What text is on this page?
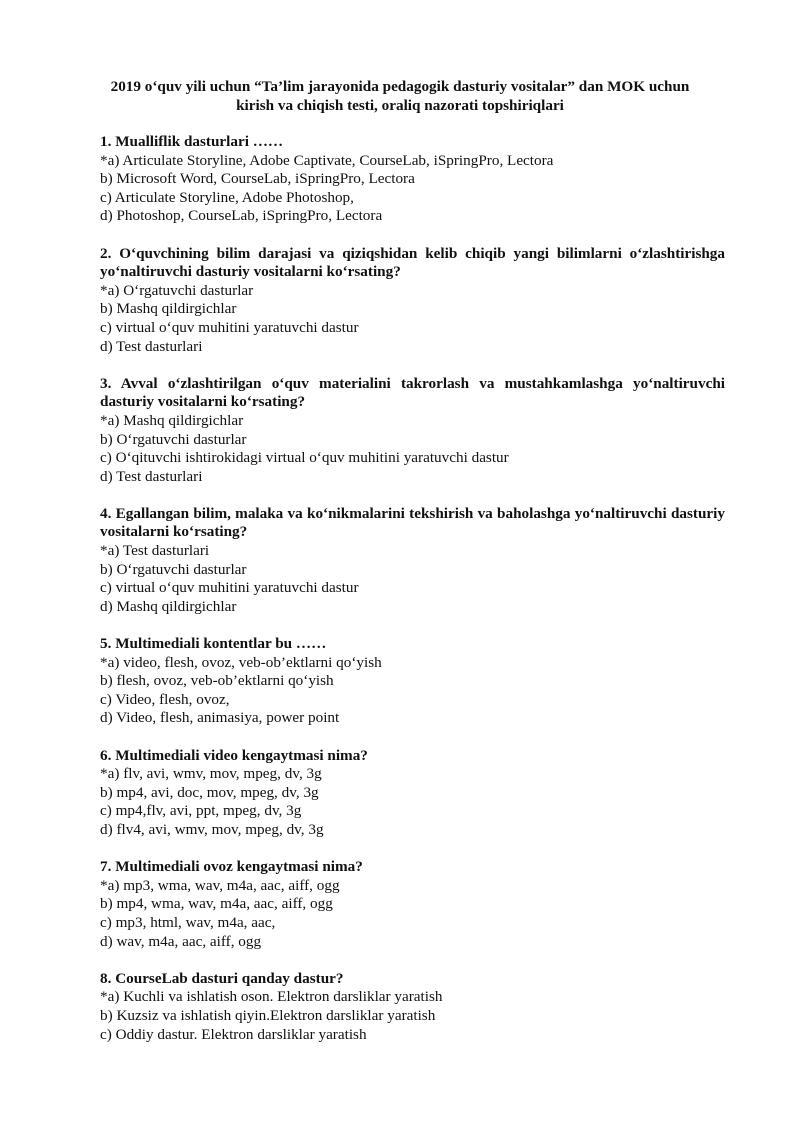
2019 o‘quv yili uchun “Ta’lim jarayonida pedagogik dasturiy vositalar” dan MOK uchun
kirish va chiqish testi, oraliq nazorati topshiriqlari
1. Mualliflik dasturlari ……
*a) Articulate Storyline, Adobe Captivate, CourseLab, iSpringPro, Lectora
b) Microsoft Word, CourseLab, iSpringPro, Lectora
c) Articulate Storyline, Adobe Photoshop,
d) Photoshop, CourseLab, iSpringPro, Lectora
2. O‘quvchining bilim darajasi va qiziqshidan kelib chiqib yangi bilimlarni o‘zlashtirishga yo‘naltiruvchi dasturiy vositalarni ko‘rsating?
*a) O‘rgatuvchi dasturlar
b) Mashq qildirgichlar
c) virtual o‘quv muhitini yaratuvchi dastur
d) Test dasturlari
3. Avval o‘zlashtirilgan o‘quv materialini takrorlash va mustahkamlashga yo‘naltiruvchi dasturiy vositalarni ko‘rsating?
*a) Mashq qildirgichlar
b) O‘rgatuvchi dasturlar
c) O‘qituvchi ishtirokidagi virtual o‘quv muhitini yaratuvchi dastur
d) Test dasturlari
4. Egallangan bilim, malaka va ko‘nikmalarini tekshirish va baholashga yo‘naltiruvchi dasturiy vositalarni ko‘rsating?
*a) Test dasturlari
b) O‘rgatuvchi dasturlar
c) virtual o‘quv muhitini yaratuvchi dastur
d) Mashq qildirgichlar
5. Multimediali kontentlar bu ……
*a) video, flesh, ovoz, veb-ob’ektlarni qo‘yish
b) flesh, ovoz, veb-ob’ektlarni qo‘yish
c) Video, flesh, ovoz,
d) Video, flesh, animasiya, power point
6. Multimediali video kengaytmasi nima?
*a) flv, avi, wmv, mov, mpeg, dv, 3g
b) mp4, avi, doc, mov, mpeg, dv, 3g
c) mp4,flv, avi, ppt, mpeg, dv, 3g
d) flv4, avi, wmv, mov, mpeg, dv, 3g
7. Multimediali ovoz kengaytmasi nima?
*a) mp3, wma, wav, m4a, aac, aiff, ogg
b) mp4, wma, wav, m4a, aac, aiff, ogg
c) mp3, html, wav, m4a, aac,
d) wav, m4a, aac, aiff, ogg
8. CourseLab dasturi qanday dastur?
*a) Kuchli va ishlatish oson. Elektron darsliklar yaratish
b) Kuzsiz va ishlatish qiyin.Elektron darsliklar yaratish
c) Oddiy dastur. Elektron darsliklar yaratish
